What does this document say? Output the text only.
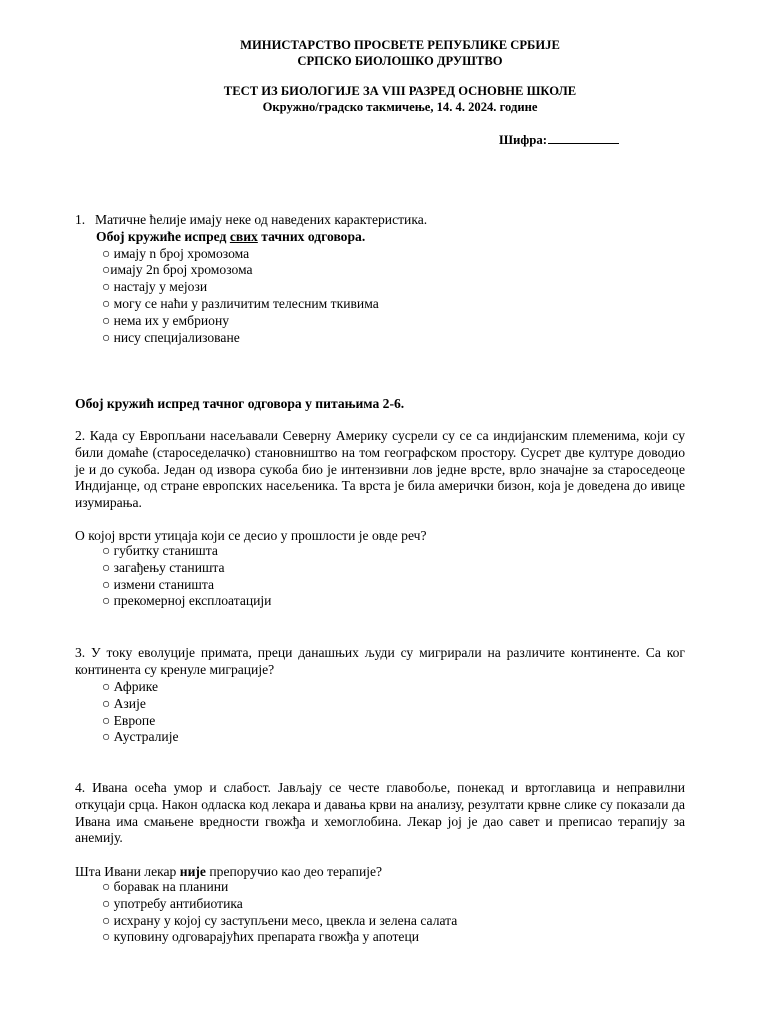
МИНИСТАРСТВО ПРОСВЕТЕ РЕПУБЛИКЕ СРБИЈЕ
СРПСКО БИОЛОШКО ДРУШТВО
ТЕСТ ИЗ БИОЛОГИЈЕ ЗА VIII РАЗРЕД ОСНОВНЕ ШКОЛЕ
Окружно/градско такмичење, 14. 4. 2024. године
Шифра:
1. Матичне ћелије имају неке од наведених карактеристика.
Обој кружиће испред свих тачних одговора.
○ имају n број хромозома
○имају 2n број хромозома
○ настају у мејози
○ могу се наћи у различитим телесним ткивима
○ нема их у ембриону
○ нису специјализоване
Обој кружић испред тачног одговора у питањима 2-6.

2. Када су Европљани насељавали Северну Америку сусрели су се са индијанским племенима, који су били домаће (староседелачко) становништво на том географском простору. Сусрет две културе доводио је и до сукоба. Један од извора сукоба био је интензивни лов једне врсте, врло значајне за староседеоце Индијанце, од стране европских насељеника. Та врста је била амерички бизон, која је доведена до ивице изумирања.

О којој врсти утицаја који се десио у прошлости је овде реч?
○ губитку станишта
○ загађењу станишта
○ измени станишта
○ прекомерној експлоатацији

3. У току еволуције примата, преци данашњих људи су мигрирали на различите континенте. Са ког континента су кренуле миграције?

○ Африке
○ Азије
○ Европе
○ Аустралије

4. Ивана осећа умор и слабост. Јављају се честе главобоље, понекад и вртоглавица и неправилни откуцаји срца. Након одласка код лекара и давања крви на анализу, резултати крвне слике су показали да Ивана има смањене вредности гвожђа и хемоглобина. Лекар јој је дао савет и преписао терапију за анемију.

Шта Ивани лекар није препоручио као део терапије?
○ боравак на планини
○ употребу антибиотика
○ исхрану у којој су заступљени месо, цвекла и зелена салата
○ куповину одговарајућих препарата гвожђа у апотеци
